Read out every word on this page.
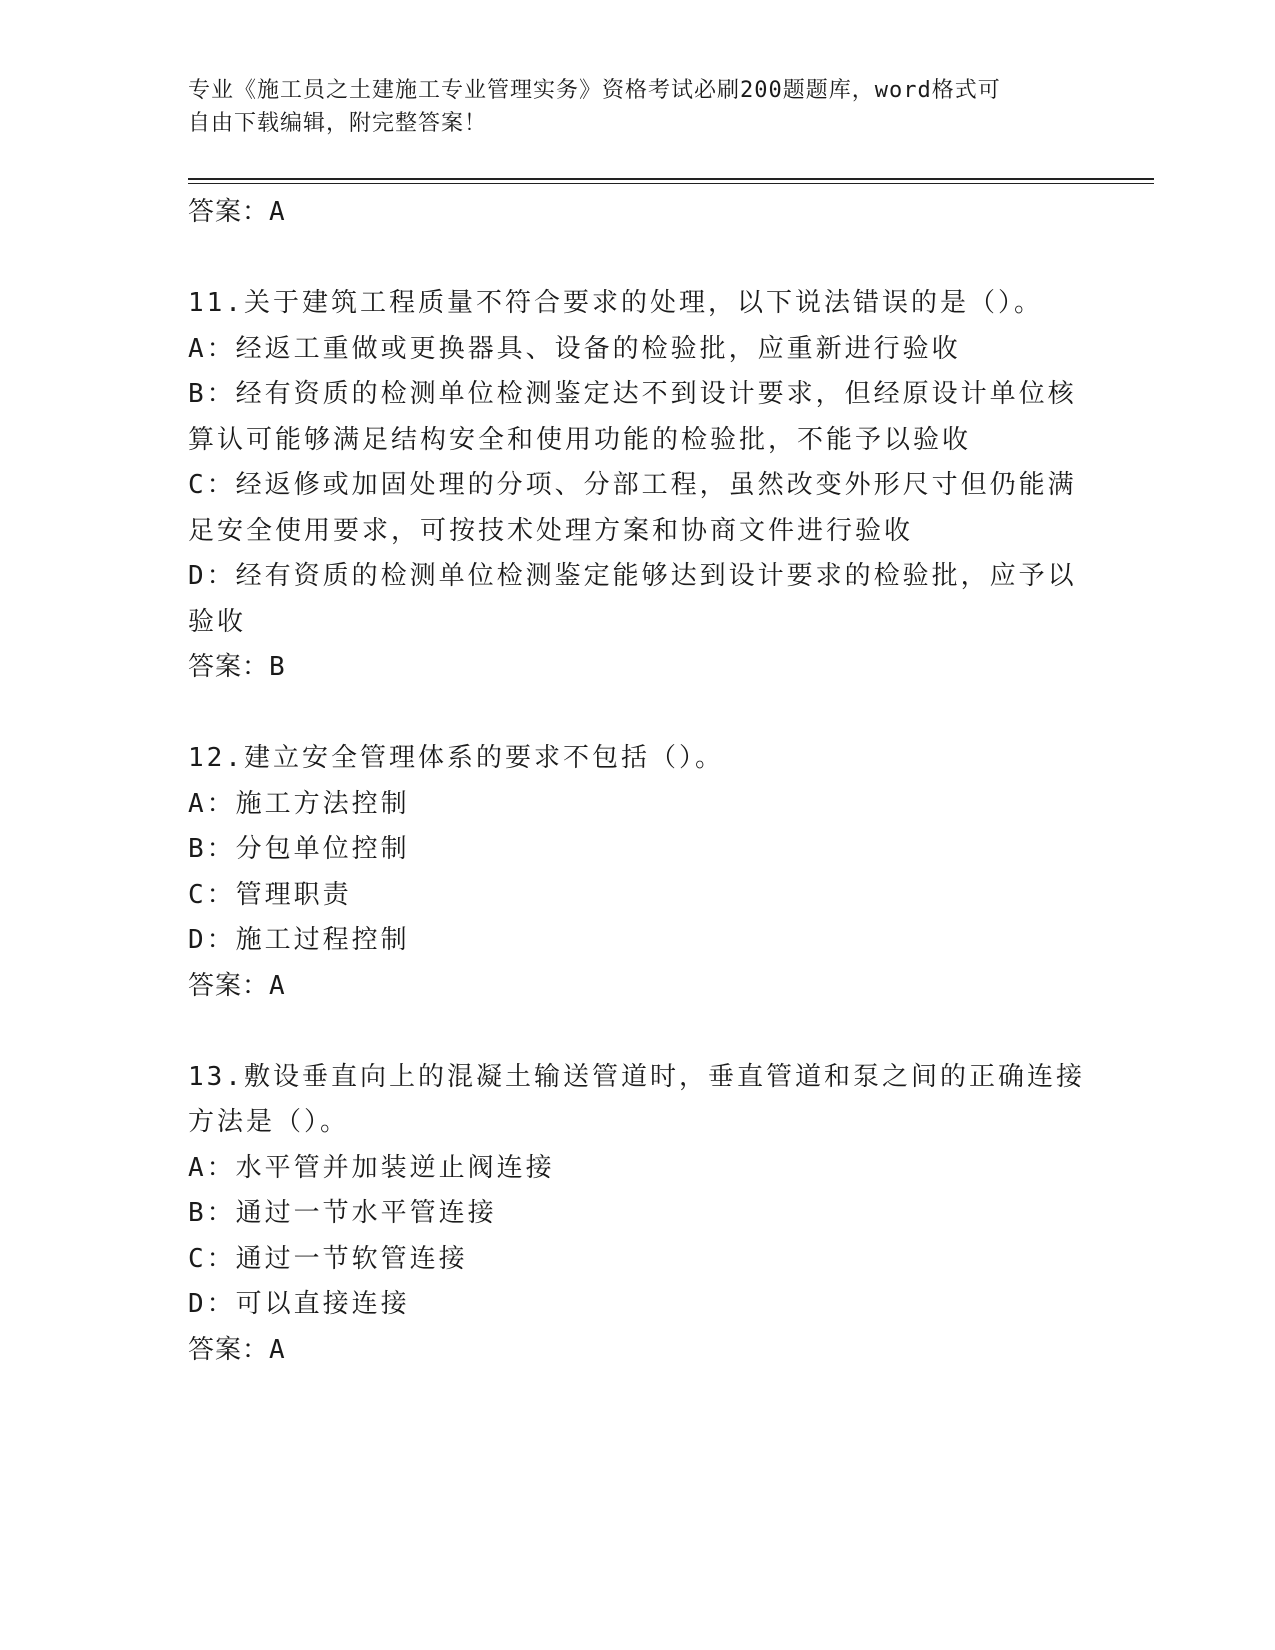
专业《施工员之土建施工专业管理实务》资格考试必刷200题题库，word格式可
自由下载编辑，附完整答案！
答案：A
11.关于建筑工程质量不符合要求的处理，以下说法错误的是（）。
A：经返工重做或更换器具、设备的检验批，应重新进行验收
B：经有资质的检测单位检测鉴定达不到设计要求，但经原设计单位核
算认可能够满足结构安全和使用功能的检验批，不能予以验收
C：经返修或加固处理的分项、分部工程，虽然改变外形尺寸但仍能满
足安全使用要求，可按技术处理方案和协商文件进行验收
D：经有资质的检测单位检测鉴定能够达到设计要求的检验批，应予以
验收
答案：B
12.建立安全管理体系的要求不包括（）。
A：施工方法控制
B：分包单位控制
C：管理职责
D：施工过程控制
答案：A
13.敷设垂直向上的混凝土输送管道时，垂直管道和泵之间的正确连接
方法是（）。
A：水平管并加装逆止阀连接
B：通过一节水平管连接
C：通过一节软管连接
D：可以直接连接
答案：A
